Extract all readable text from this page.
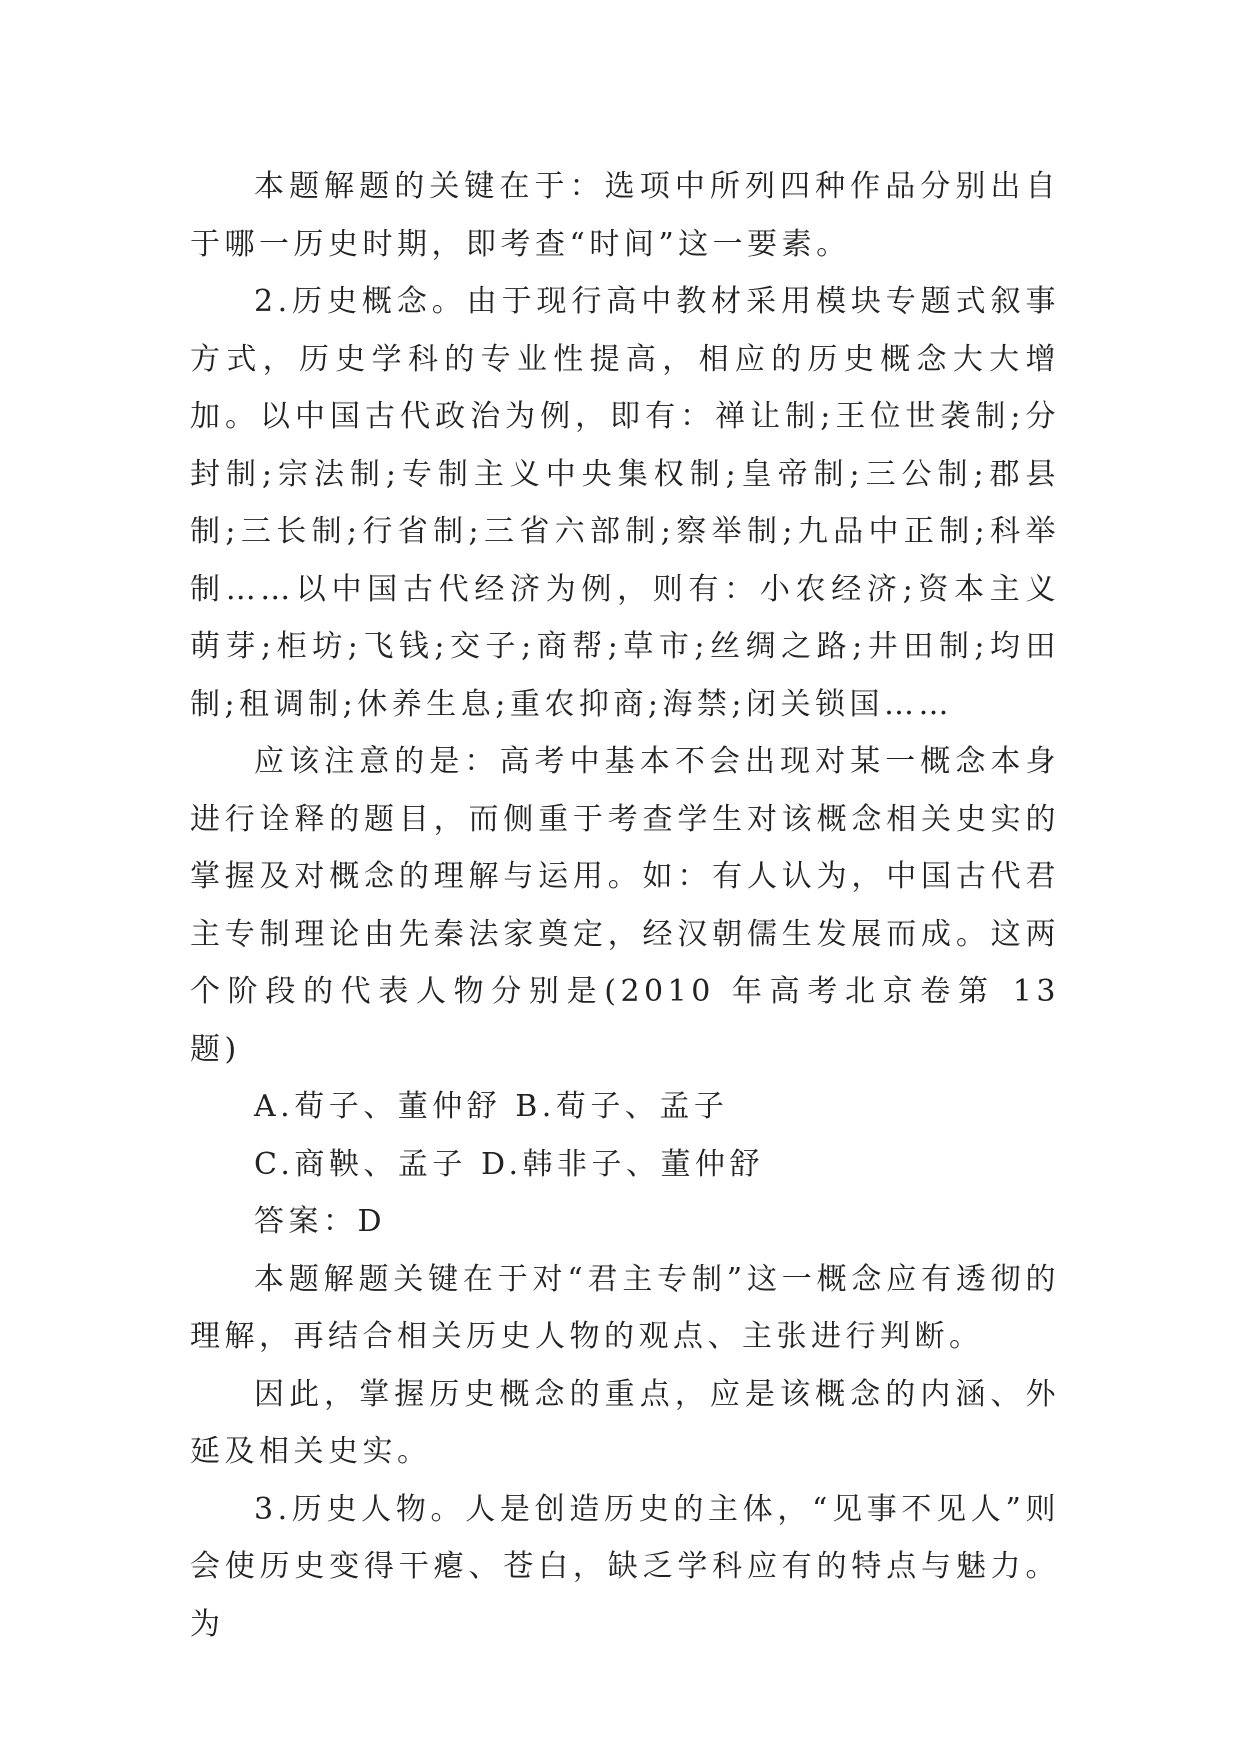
本题解题的关键在于：选项中所列四种作品分别出自于哪一历史时期，即考查“时间”这一要素。

2.历史概念。由于现行高中教材采用模块专题式叙事方式，历史学科的专业性提高，相应的历史概念大大增加。以中国古代政治为例，即有：禅让制;王位世袭制;分封制;宗法制;专制主义中央集权制;皇帝制;三公制;郡县制;三长制;行省制;三省六部制;察举制;九品中正制;科举制……以中国古代经济为例，则有：小农经济;资本主义萌芽;柜坊;飞钱;交子;商帮;草市;丝绸之路;井田制;均田制;租调制;休养生息;重农抑商;海禁;闭关锁国……

应该注意的是：高考中基本不会出现对某一概念本身进行诠释的题目，而侧重于考查学生对该概念相关史实的掌握及对概念的理解与运用。如：有人认为，中国古代君主专制理论由先秦法家奠定，经汉朝儒生发展而成。这两个阶段的代表人物分别是(2010 年高考北京卷第 13 题)

A.荀子、董仲舒 B.荀子、孟子

C.商鞅、孟子 D.韩非子、董仲舒

答案：D

本题解题关键在于对“君主专制”这一概念应有透彻的理解，再结合相关历史人物的观点、主张进行判断。

因此，掌握历史概念的重点，应是该概念的内涵、外延及相关史实。

3.历史人物。人是创造历史的主体，“见事不见人”则会使历史变得干瘪、苍白，缺乏学科应有的特点与魅力。为
